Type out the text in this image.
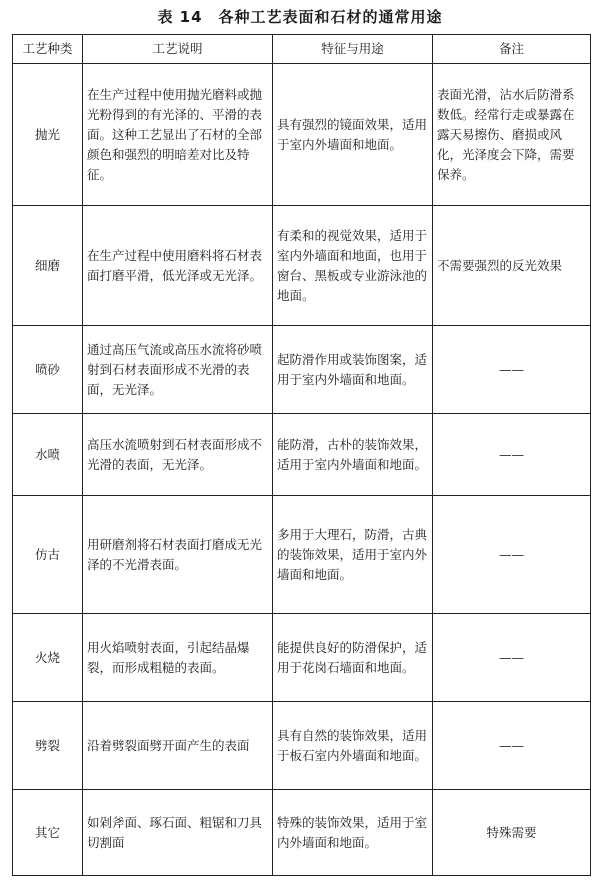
表 14　各种工艺表面和石材的通常用途
工艺种类	工艺说明	特征与用途	备注
抛光	在生产过程中使用抛光磨料或抛光粉得到的有光泽的、平滑的表面。这种工艺显出了石材的全部颜色和强烈的明暗差对比及特征。	具有强烈的镜面效果，适用于室内外墙面和地面。	表面光滑，沾水后防滑系数低。经常行走或暴露在露天易擦伤、磨损或风化，光泽度会下降，需要保养。
细磨	在生产过程中使用磨料将石材表面打磨平滑，低光泽或无光泽。	有柔和的视觉效果，适用于室内外墙面和地面，也用于窗台、黑板或专业游泳池的地面。	不需要强烈的反光效果
喷砂	通过高压气流或高压水流将砂喷射到石材表面形成不光滑的表面，无光泽。	起防滑作用或装饰图案，适用于室内外墙面和地面。	——
水喷	高压水流喷射到石材表面形成不光滑的表面，无光泽。	能防滑，古朴的装饰效果，适用于室内外墙面和地面。	——
仿古	用研磨剂将石材表面打磨成无光泽的不光滑表面。	多用于大理石，防滑，古典的装饰效果，适用于室内外墙面和地面。	——
火烧	用火焰喷射表面，引起结晶爆裂，而形成粗糙的表面。	能提供良好的防滑保护，适用于花岗石墙面和地面。	——
劈裂	沿着劈裂面劈开面产生的表面	具有自然的装饰效果，适用于板石室内外墙面和地面。	——
其它	如剁斧面、琢石面、粗锯和刀具切割面	特殊的装饰效果，适用于室内外墙面和地面。	特殊需要
